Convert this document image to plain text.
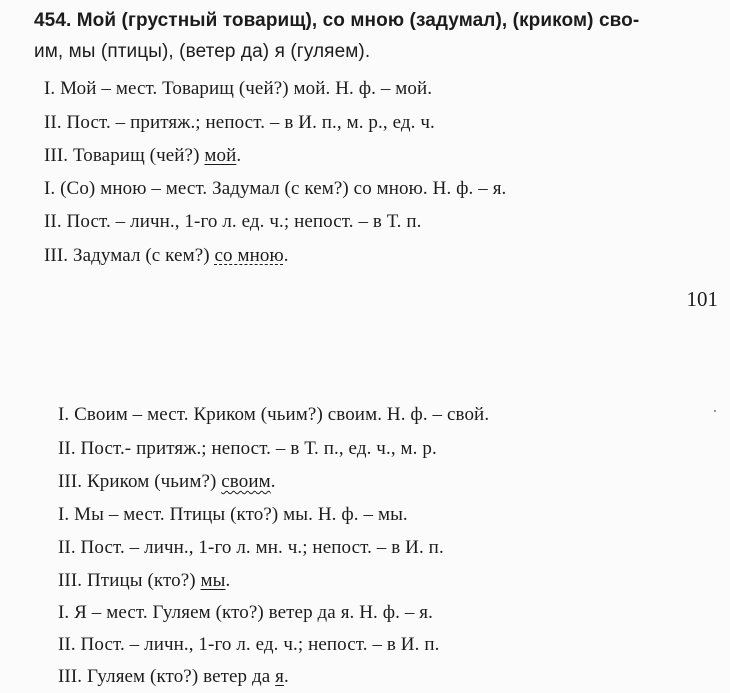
454. Мой (грустный товарищ), со мною (задумал), (криком) сво-
им, мы (птицы), (ветер да) я (гуляем).
I. Мой – мест. Товарищ (чей?) мой. Н. ф. – мой.
II. Пост. – притяж.; непост. – в И. п., м. р., ед. ч.
III. Товарищ (чей?) мой.
I. (Со) мною – мест. Задумал (с кем?) со мною. Н. ф. – я.
II. Пост. – личн., 1-го л. ед. ч.; непост. – в Т. п.
III. Задумал (с кем?) со мною.
101
I. Своим – мест. Криком (чьим?) своим. Н. ф. – свой.
II. Пост.- притяж.; непост. – в Т. п., ед. ч., м. р.
III. Криком (чьим?) своим.
I. Мы – мест. Птицы (кто?) мы. Н. ф. – мы.
II. Пост. – личн., 1-го л. мн. ч.; непост. – в И. п.
III. Птицы (кто?) мы.
I. Я – мест. Гуляем (кто?) ветер да я. Н. ф. – я.
II. Пост. – личн., 1-го л. ед. ч.; непост. – в И. п.
III. Гуляем (кто?) ветер да я.
